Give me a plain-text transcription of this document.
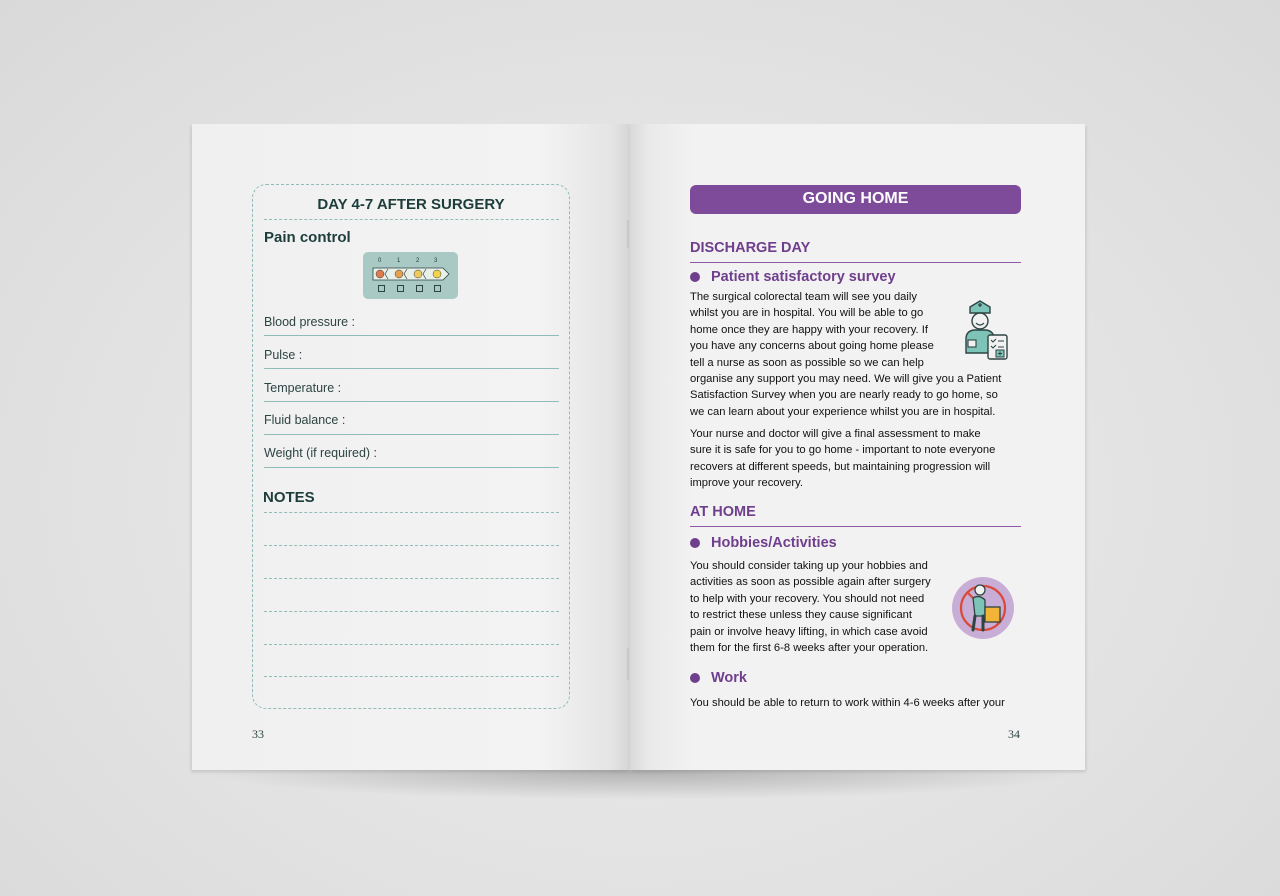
DAY 4-7 AFTER SURGERY
Pain control
0	1	2 3
Blood pressure :
Pulse :
Temperature :
Fluid balance :
Weight (if required) :
NOTES
33
GOING HOME
DISCHARGE DAY
Patient satisfactory survey
The surgical colorectal team will see you daily
whilst you are in hospital. You will be able to go
home once they are happy with your recovery. If
you have any concerns about going home please
tell a nurse as soon as possible so we can help
organise any support you may need. We will give you a Patient
Satisfaction Survey when you are nearly ready to go home, so
we can learn about your experience whilst you are in hospital.
Your nurse and doctor will give a final assessment to make
sure it is safe for you to go home - important to note everyone
recovers at different speeds, but maintaining progression will
improve your recovery.
AT HOME
Hobbies/Activities
You should consider taking up your hobbies and
activities as soon as possible again after surgery
to help with your recovery. You should not need
to restrict these unless they cause significant
pain or involve heavy lifting, in which case avoid
them for the first 6-8 weeks after your operation.
Work
You should be able to return to work within 4-6 weeks after your
34
